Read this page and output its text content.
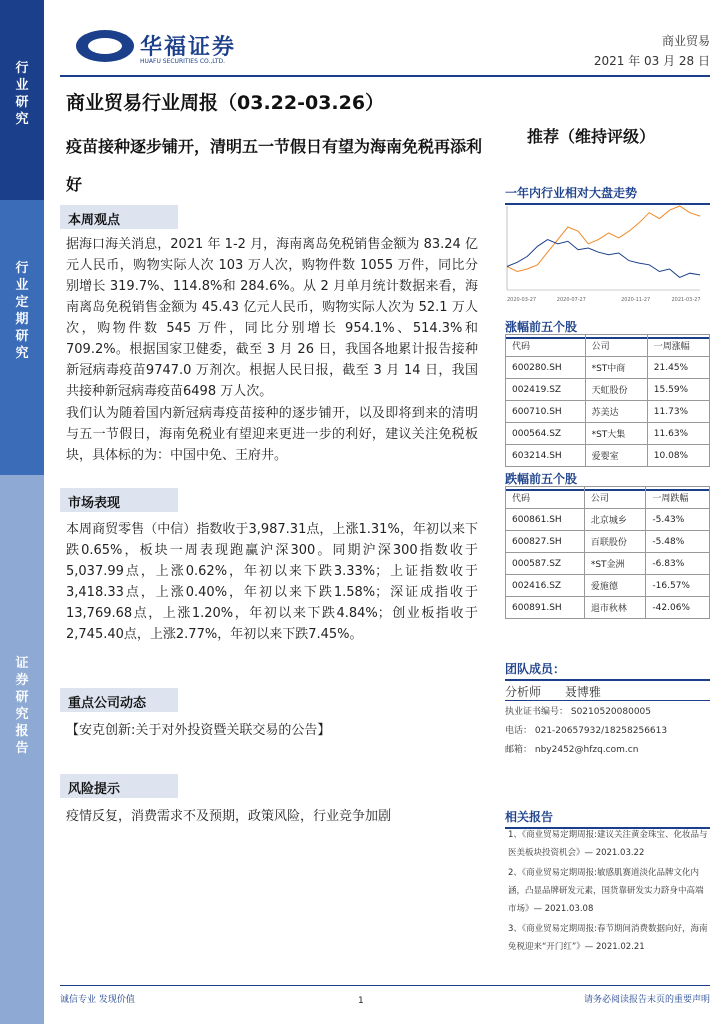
行
业
研
究
行
业
定
期
研
究
证
券
研
究
报
告
华福证券
HUAFU SECURITIES CO.,LTD.
商业贸易
2021 年 03 月 28 日
商业贸易行业周报（03.22-03.26）
疫苗接种逐步铺开，清明五一节假日有望为海南免税再添利好
推荐（维持评级）
本周观点
据海口海关消息，2021 年 1-2 月，海南离岛免税销售金额为 83.24 亿元人民币，购物实际人次 103 万人次，购物件数 1055 万件，同比分别增长 319.7%、114.8%和 284.6%。从 2 月单月统计数据来看，海南离岛免税销售金额为 45.43 亿元人民币，购物实际人次为 52.1 万人次，购物件数 545 万件，同比分别增长 954.1%、514.3%和 709.2%。根据国家卫健委，截至 3 月 26 日，我国各地累计报告接种新冠病毒疫苗9747.0 万剂次。根据人民日报，截至 3 月 14 日，我国共接种新冠病毒疫苗6498 万人次。
我们认为随着国内新冠病毒疫苗接种的逐步铺开，以及即将到来的清明与五一节假日，海南免税业有望迎来更进一步的利好，建议关注免税板块，具体标的为：中国中免、王府井。
市场表现
本周商贸零售（中信）指数收于3,987.31点，上涨1.31%，年初以来下跌0.65%，板块一周表现跑赢沪深300。同期沪深300指数收于5,037.99点，上涨0.62%，年初以来下跌3.33%；上证指数收于3,418.33点，上涨0.40%，年初以来下跌1.58%；深证成指收于13,769.68点，上涨1.20%，年初以来下跌4.84%；创业板指收于2,745.40点，上涨2.77%，年初以来下跌7.45%。
重点公司动态
【安克创新:关于对外投资暨关联交易的公告】
风险提示
疫情反复，消费需求不及预期，政策风险，行业竞争加剧
一年内行业相对大盘走势
2020-03-27	2020-07-27	2020-11-27	2021-03-27
涨幅前五个股
代码	公司	一周涨幅
600280.SH	*ST中商	21.45%
002419.SZ	天虹股份	15.59%
600710.SH	苏美达	11.73%
000564.SZ	*ST大集	11.63%
603214.SH	爱婴室	10.08%
跌幅前五个股
代码	公司	一周跌幅
600861.SH	北京城乡	-5.43%
600827.SH	百联股份	-5.48%
000587.SZ	*ST金洲	-6.83%
002416.SZ	爱施德	-16.57%
600891.SH	退市秋林	-42.06%
团队成员：
分析师 聂博雅
执业证书编号： S0210520080005
电话： 021-20657932/18258256613
邮箱： nby2452@hfzq.com.cn
相关报告
1、《商业贸易定期周报:建议关注黄金珠宝、化妆品与医美板块投资机会》— 2021.03.22
2、《商业贸易定期周报:敏感肌赛道淡化品牌文化内涵，凸显品牌研发元素，国货靠研发实力跻身中高端市场》— 2021.03.08
3、《商业贸易定期周报:春节期间消费数据向好，海南免税迎来“开门红”》— 2021.02.21
诚信专业 发现价值	1	请务必阅读报告末页的重要声明
